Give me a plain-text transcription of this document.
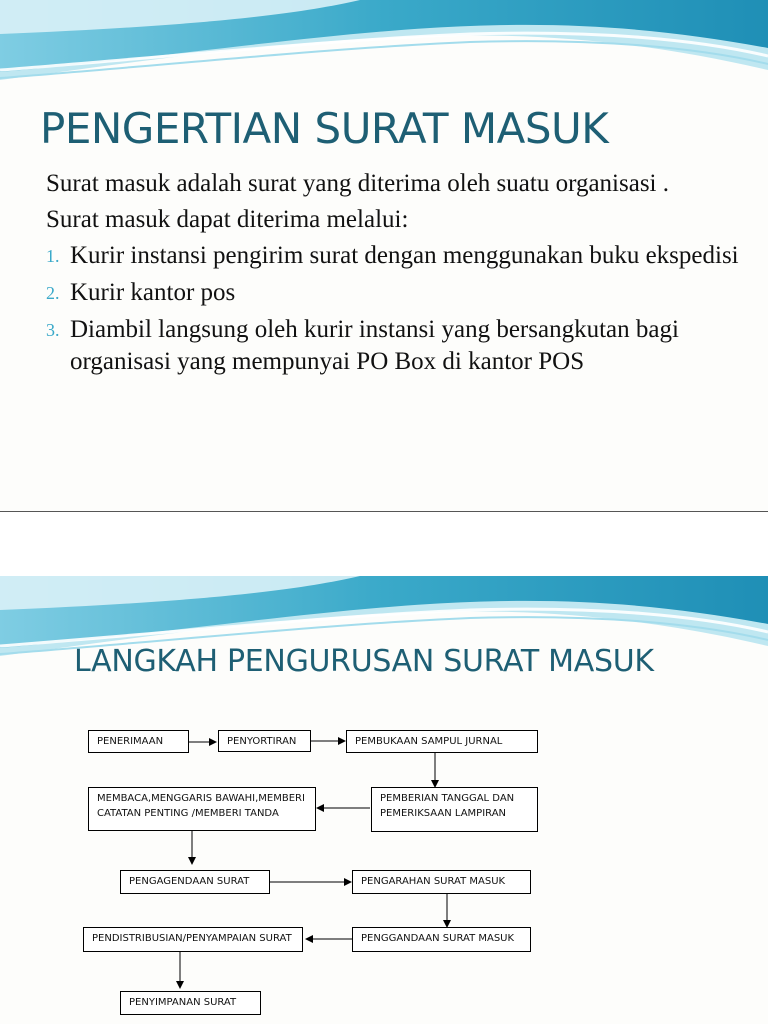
PENGERTIAN SURAT MASUK

Surat masuk adalah surat yang diterima oleh suatu organisasi .

Surat masuk dapat diterima melalui:

1. Kurir instansi pengirim surat dengan menggunakan buku ekspedisi
2. Kurir kantor pos
3. Diambil langsung oleh kurir instansi yang bersangkutan bagi organisasi yang mempunyai PO Box di kantor POS
LANGKAH PENGURUSAN SURAT MASUK
PENERIMAAN	PENYORTIRAN	PEMBUKAAN SAMPUL JURNAL
PEMBERIAN TANGGAL DAN PEMERIKSAAN LAMPIRAN
MEMBACA,MENGGARIS BAWAHI,MEMBERI CATATAN PENTING /MEMBERI TANDA
PENGAGENDAAN SURAT	PENGARAHAN SURAT MASUK
PENGGANDAAN SURAT MASUK
PENDISTRIBUSIAN/PENYAMPAIAN SURAT
PENYIMPANAN SURAT
